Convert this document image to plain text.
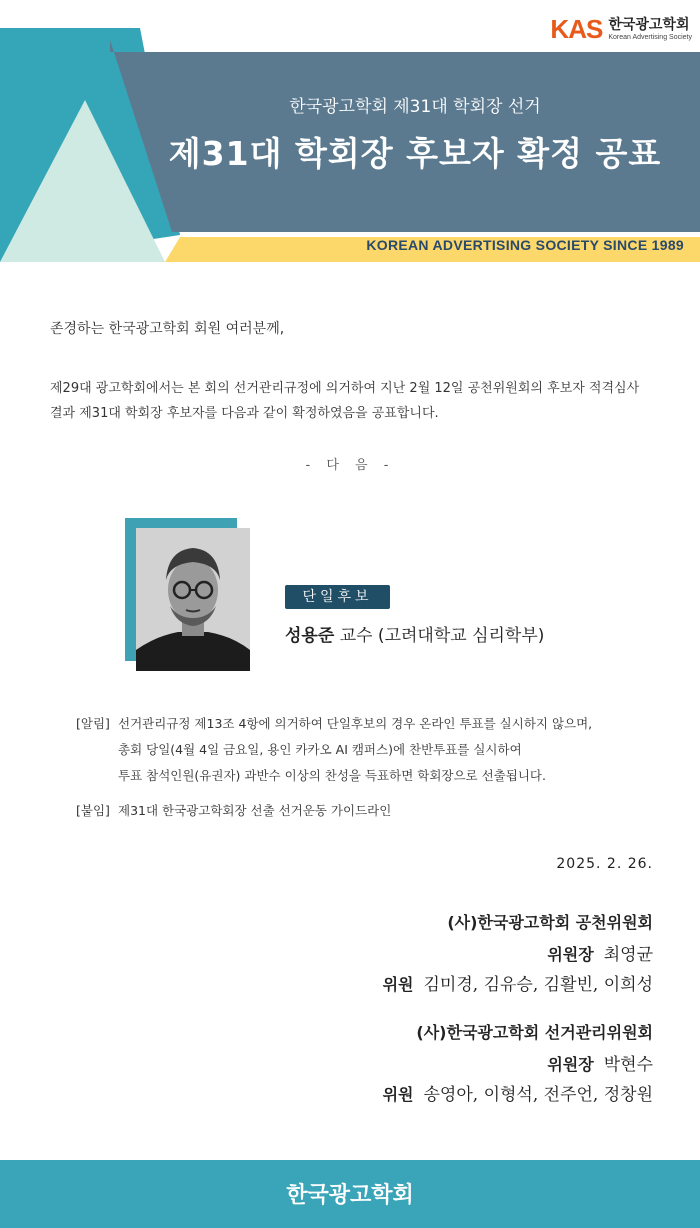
KAS 한국광고학회
Korean Advertising Society
한국광고학회 제31대 학회장 선거
제31대 학회장 후보자 확정 공표
KOREAN ADVERTISING SOCIETY SINCE 1989
존경하는 한국광고학회 회원 여러분께,
제29대 광고학회에서는 본 회의 선거관리규정에 의거하여 지난 2월 12일 공천위원회의 후보자 적격심사
결과 제31대 학회장 후보자를 다음과 같이 확정하였음을 공표합니다.
- 다 음 -
단일후보
성용준 교수 (고려대학교 심리학부)
[알림] 선거관리규정 제13조 4항에 의거하여 단일후보의 경우 온라인 투표를 실시하지 않으며,
총회 당일(4월 4일 금요일, 용인 카카오 AI 캠퍼스)에 찬반투표를 실시하여
투표 참석인원(유권자) 과반수 이상의 찬성을 득표하면 학회장으로 선출됩니다.
[붙임] 제31대 한국광고학회장 선출 선거운동 가이드라인
2025. 2. 26.
(사)한국광고학회 공천위원회
위원장 최영균
위원 김미경, 김유승, 김활빈, 이희성
(사)한국광고학회 선거관리위원회
위원장 박현수
위원 송영아, 이형석, 전주언, 정창원
한국광고학회
